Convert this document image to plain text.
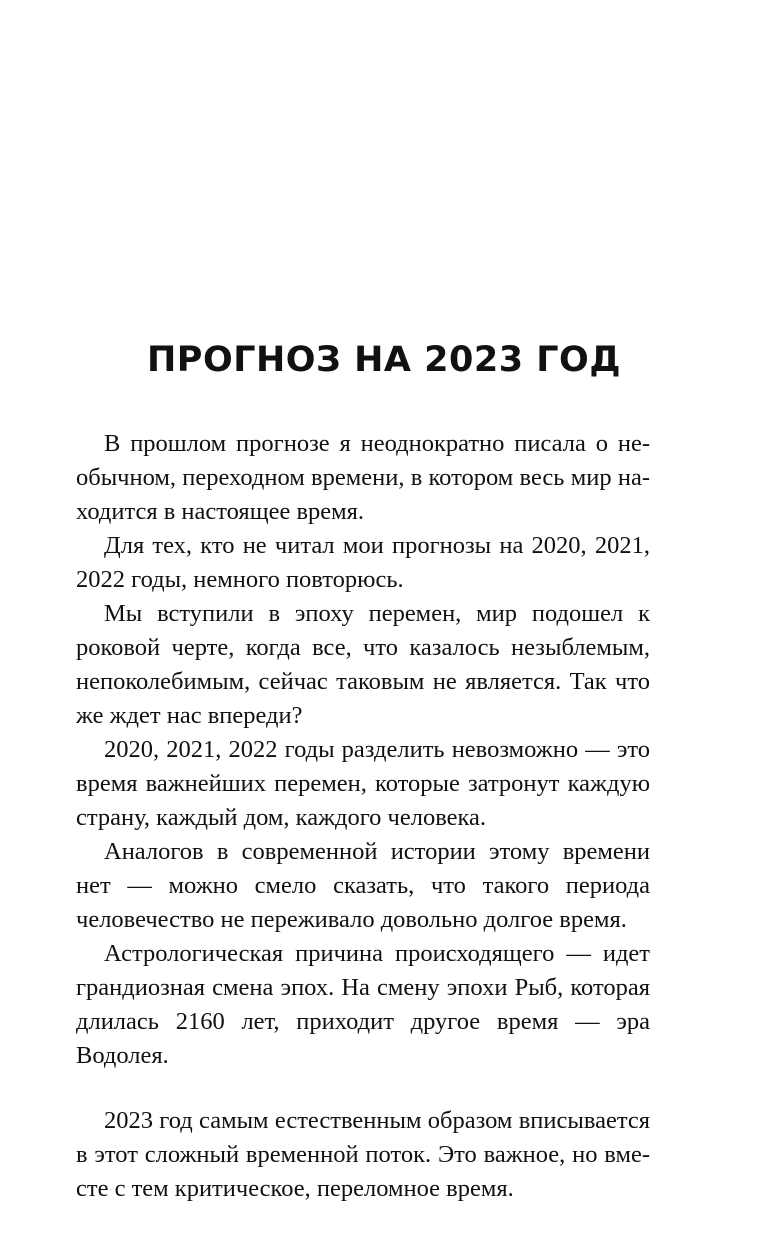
ПРОГНОЗ НА 2023 ГОД

В прошлом прогнозе я неоднократно писала о необычном, переходном времени, в котором весь мир находится в настоящее время.

Для тех, кто не читал мои прогнозы на 2020, 2021, 2022 годы, немного повторюсь.

Мы вступили в эпоху перемен, мир подошел к роковой черте, когда все, что казалось незыблемым, непоколебимым, сейчас таковым не является. Так что же ждет нас впереди?

2020, 2021, 2022 годы разделить невозможно — это время важнейших перемен, которые затронут каждую страну, каждый дом, каждого человека.

Аналогов в современной истории этому времени нет — можно смело сказать, что такого периода человечество не переживало довольно долгое время.

Астрологическая причина происходящего — идет грандиозная смена эпох. На смену эпохи Рыб, которая длилась 2160 лет, приходит другое время — эра Водолея.

2023 год самым естественным образом вписывается в этот сложный временной поток. Это важное, но вместе с тем критическое, переломное время.
